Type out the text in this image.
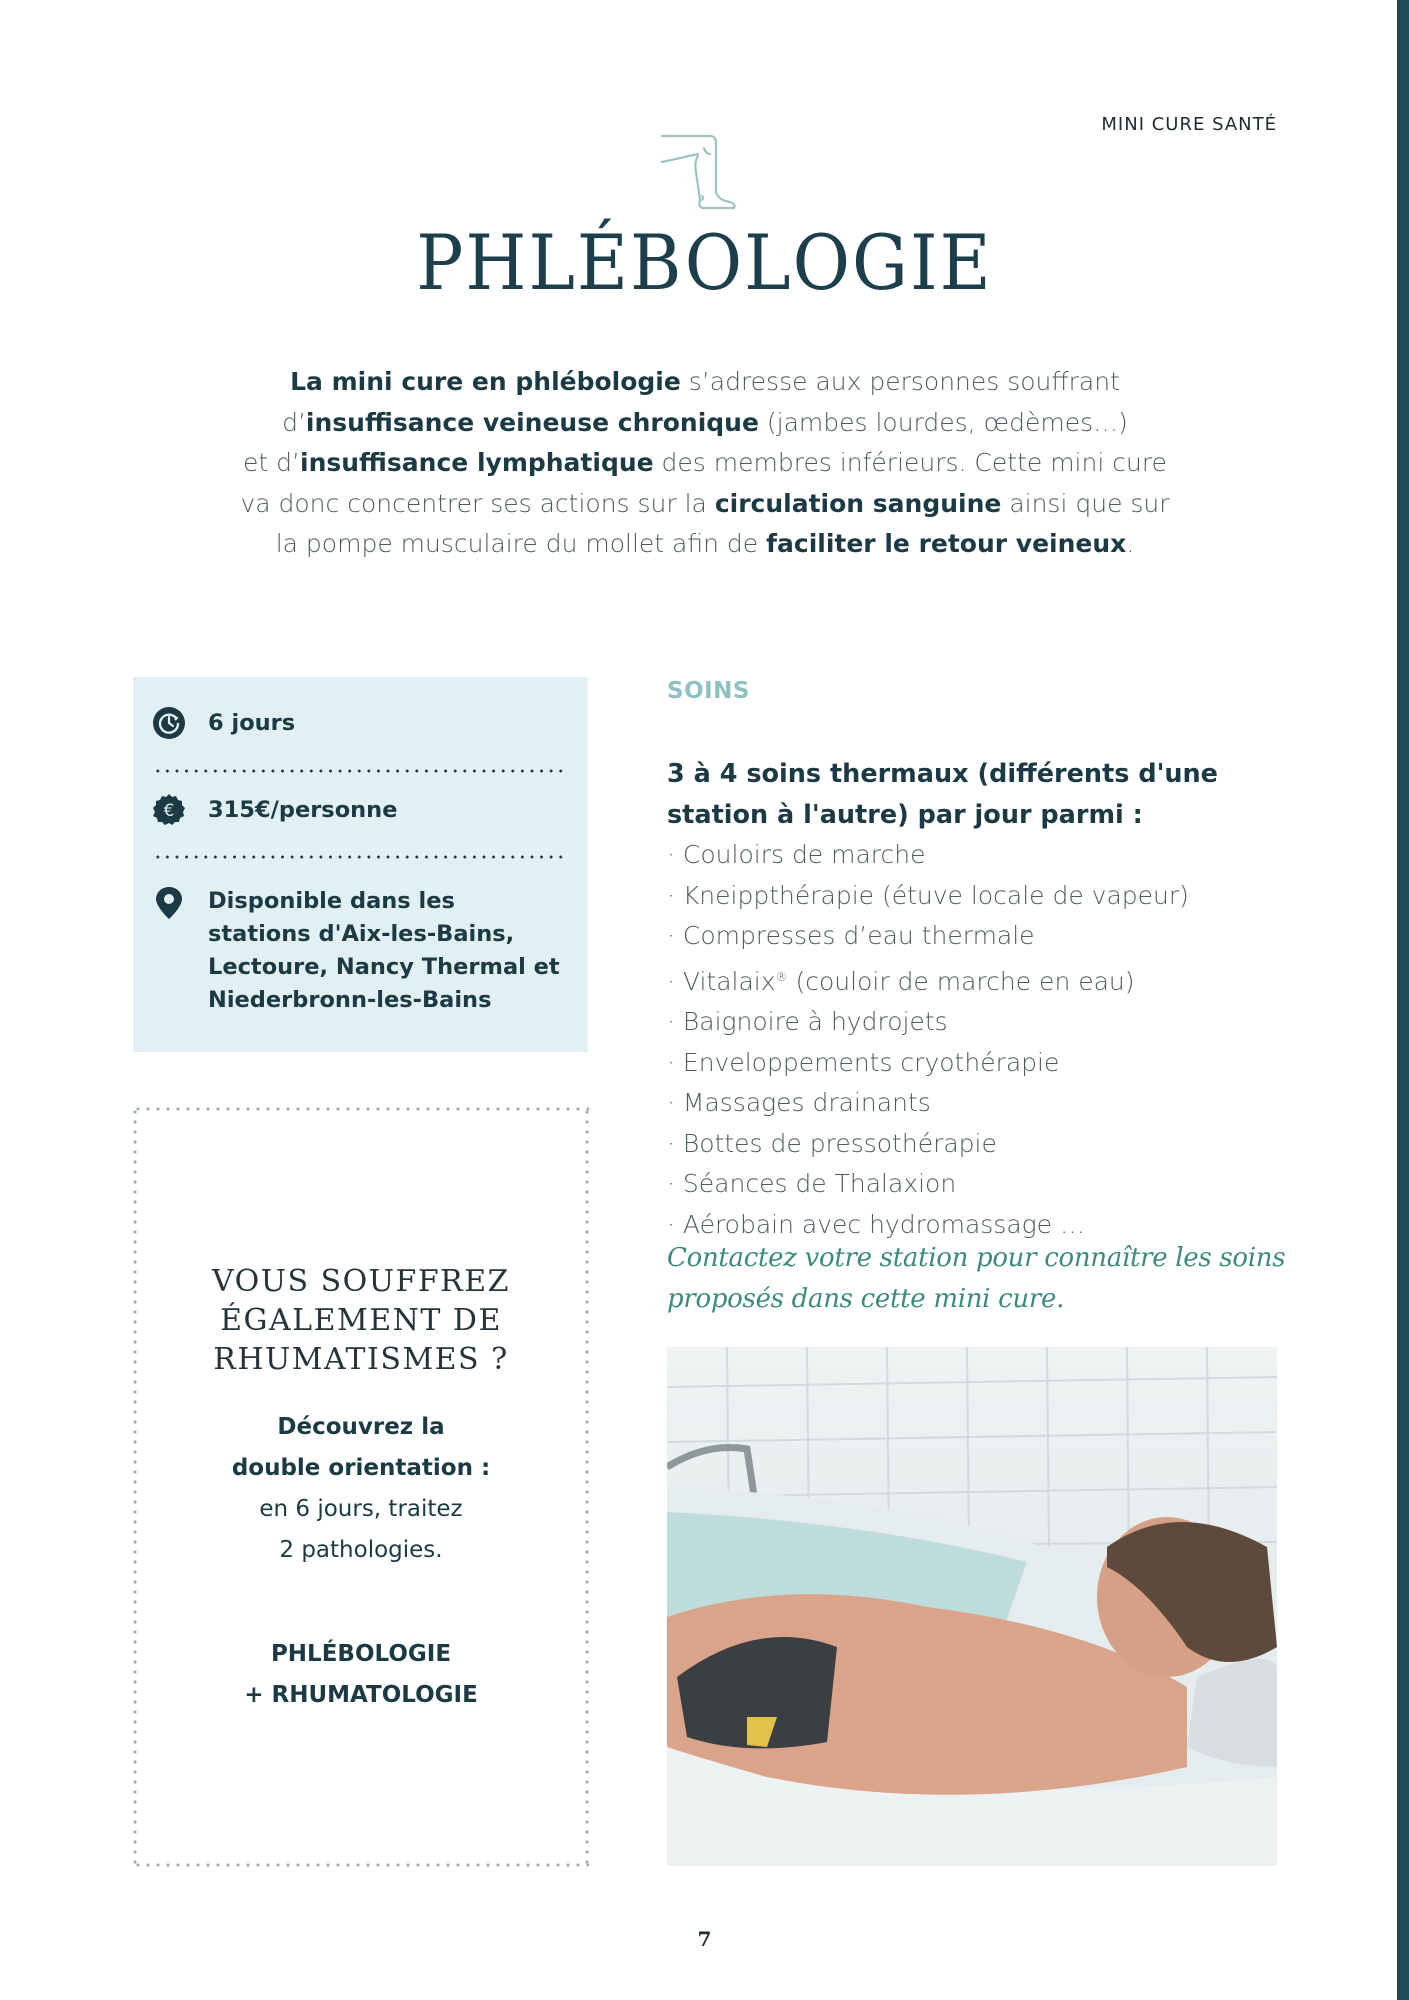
MINI CURE SANTÉ
PHLÉBOLOGIE
La mini cure en phlébologie s’adresse aux personnes souffrant
d’insuffisance veineuse chronique (jambes lourdes, œdèmes…)
et d’insuffisance lymphatique des membres inférieurs. Cette mini cure
va donc concentrer ses actions sur la circulation sanguine ainsi que sur
la pompe musculaire du mollet afin de faciliter le retour veineux.
6 jours
€ 315€/personne
Disponible dans les
stations d'Aix-les-Bains,
Lectoure, Nancy Thermal et
Niederbronn-les-Bains
VOUS SOUFFREZ
ÉGALEMENT DE
RHUMATISMES ?
Découvrez la
double orientation :
en 6 jours, traitez
2 pathologies.
PHLÉBOLOGIE
+ RHUMATOLOGIE
SOINS
3 à 4 soins thermaux (différents d'une
station à l'autre) par jour parmi :
· Couloirs de marche
· Kneippthérapie (étuve locale de vapeur)
· Compresses d’eau thermale
· Vitalaix® (couloir de marche en eau)
· Baignoire à hydrojets
· Enveloppements cryothérapie
· Massages drainants
· Bottes de pressothérapie
· Séances de Thalaxion
· Aérobain avec hydromassage …
Contactez votre station pour connaître les soins
proposés dans cette mini cure.
7
